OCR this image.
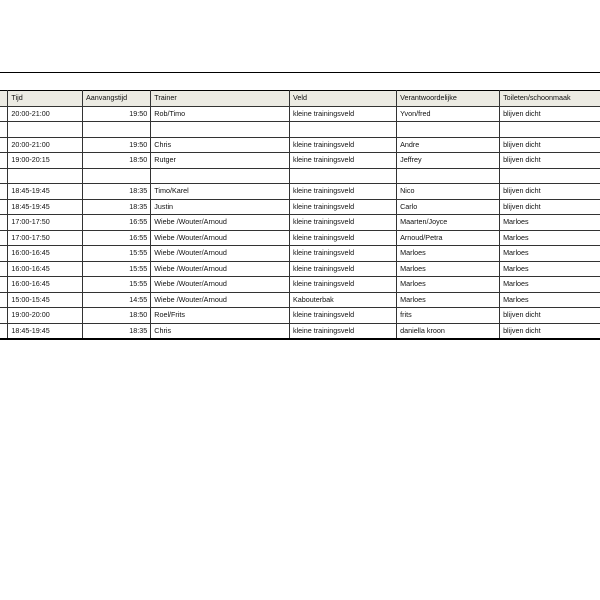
	Tijd	Aanvangstijd	Trainer	Veld	Verantwoordelijke	Toileten/schoonmaak
	20:00-21:00	19:50	Rob/Timo	kleine trainingsveld	Yvon/fred	blijven dicht

	20:00-21:00	19:50	Chris	kleine trainingsveld	Andre	blijven dicht
	19:00-20:15	18:50	Rutger	kleine trainingsveld	Jeffrey	blijven dicht

	18:45-19:45	18:35	Timo/Karel	kleine trainingsveld	Nico	blijven dicht
	18:45-19:45	18:35	Justin	kleine trainingsveld	Carlo	blijven dicht
	17:00-17:50	16:55	Wiebe /Wouter/Arnoud	kleine trainingsveld	Maarten/Joyce	Marloes
	17:00-17:50	16:55	Wiebe /Wouter/Arnoud	kleine trainingsveld	Arnoud/Petra	Marloes
	16:00-16:45	15:55	Wiebe /Wouter/Arnoud	kleine trainingsveld	Marloes	Marloes
	16:00-16:45	15:55	Wiebe /Wouter/Arnoud	kleine trainingsveld	Marloes	Marloes
	16:00-16:45	15:55	Wiebe /Wouter/Arnoud	kleine trainingsveld	Marloes	Marloes
	15:00-15:45	14:55	Wiebe /Wouter/Arnoud	Kabouterbak	Marloes	Marloes
	19:00-20:00	18:50	Roel/Frits	kleine trainingsveld	frits	blijven dicht
	18:45-19:45	18:35	Chris	kleine trainingsveld	daniella kroon	blijven dicht
